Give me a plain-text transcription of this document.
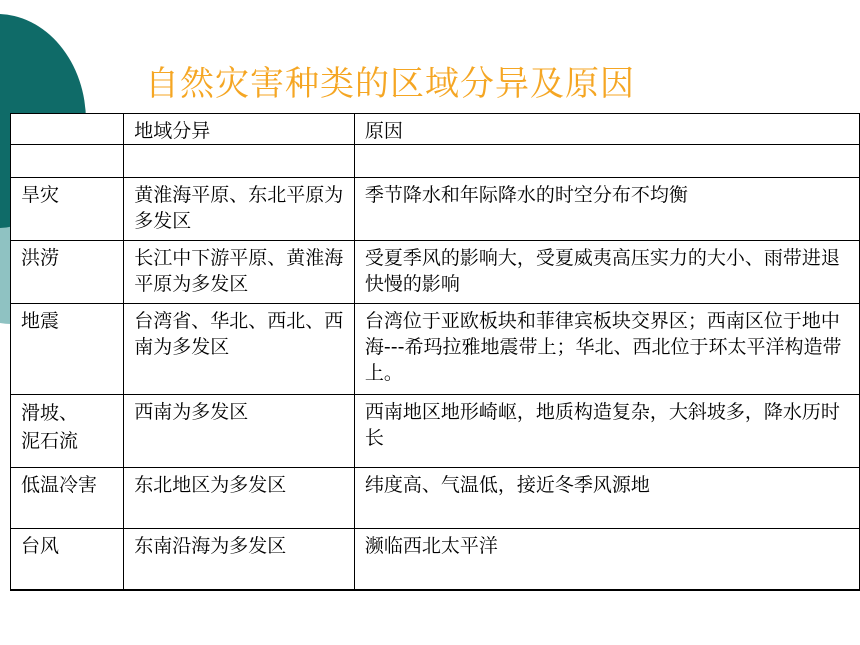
自然灾害种类的区域分异及原因
	地域分异	原因

旱灾	黄淮海平原、东北平原为多发区	季节降水和年际降水的时空分布不均衡
洪涝	长江中下游平原、黄淮海平原为多发区	受夏季风的影响大，受夏威夷高压实力的大小、雨带进退快慢的影响
地震	台湾省、华北、西北、西南为多发区	台湾位于亚欧板块和菲律宾板块交界区；西南区位于地中海---希玛拉雅地震带上；华北、西北位于环太平洋构造带上。
滑坡、
泥石流	西南为多发区	西南地区地形崎岖，地质构造复杂，大斜坡多，降水历时长
低温冷害	东北地区为多发区	纬度高、气温低，接近冬季风源地
台风	东南沿海为多发区	濒临西北太平洋
